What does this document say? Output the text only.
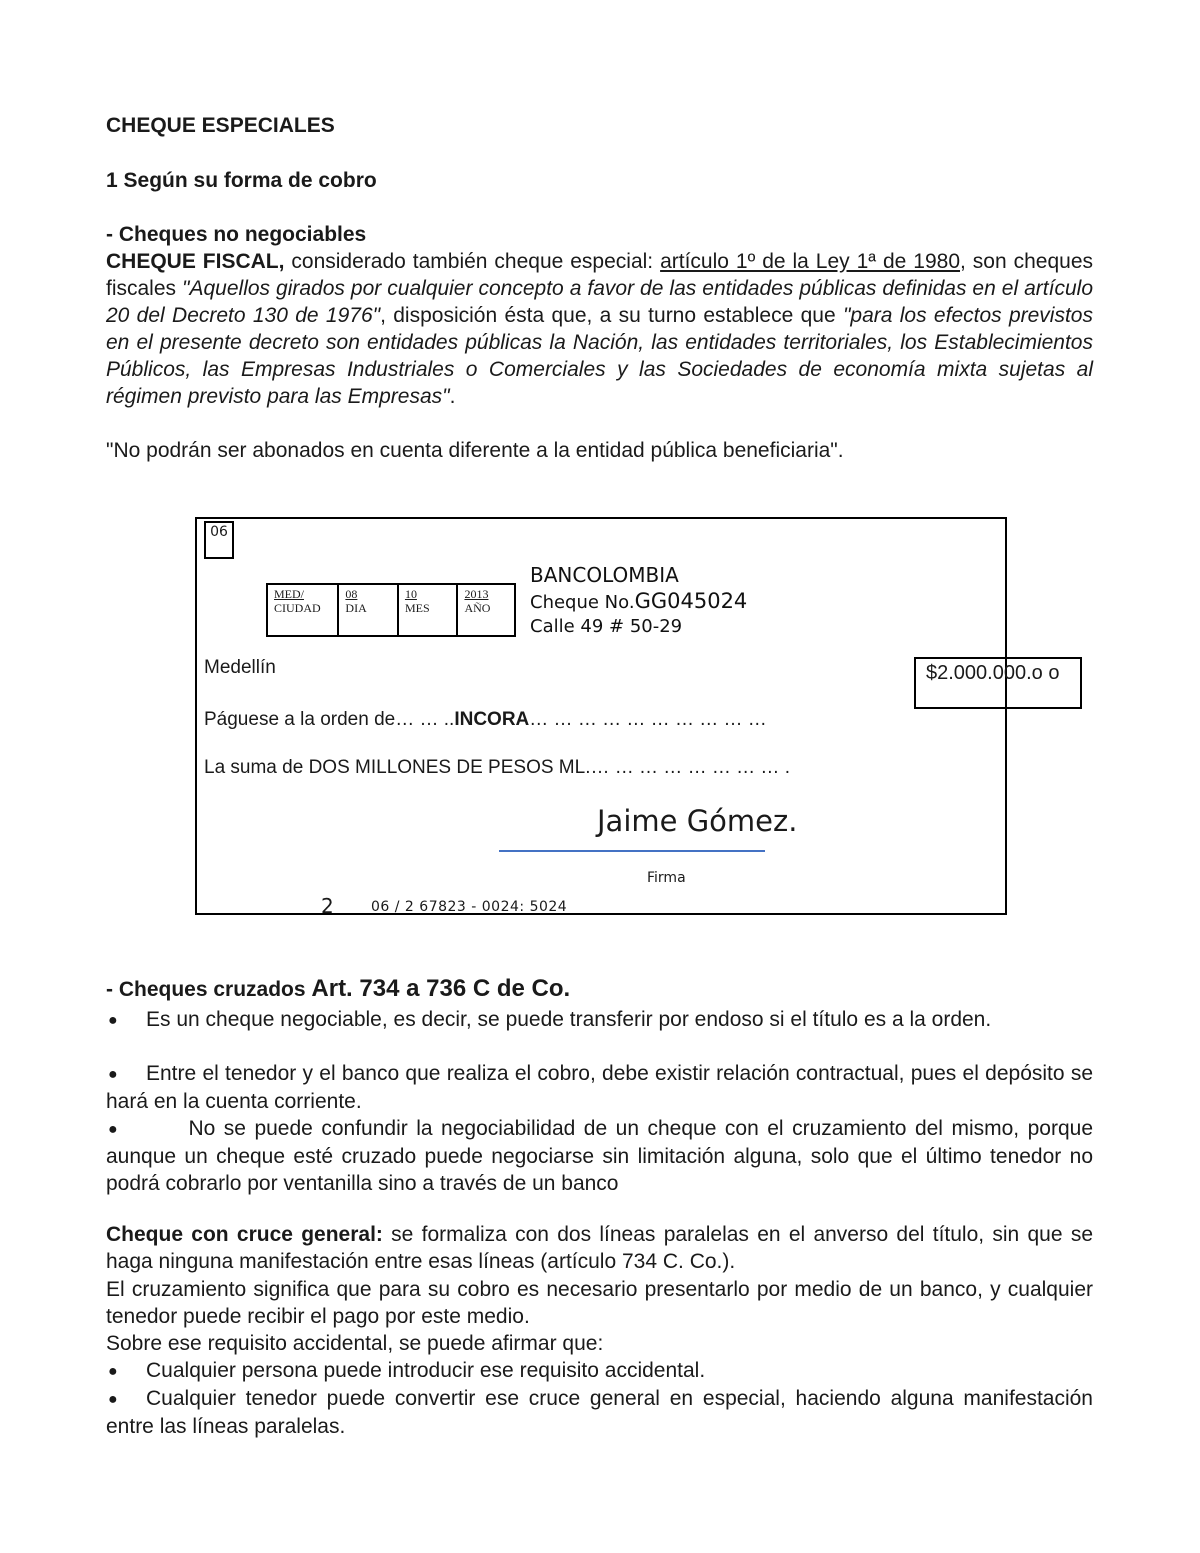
CHEQUE ESPECIALES

1 Según su forma de cobro

- Cheques no negociables

CHEQUE FISCAL, considerado también cheque especial: artículo 1º de la Ley 1ª de 1980, son cheques fiscales "Aquellos girados por cualquier concepto a favor de las entidades públicas definidas en el artículo 20 del Decreto 130 de 1976", disposición ésta que, a su turno establece que "para los efectos previstos en el presente decreto son entidades públicas la Nación, las entidades territoriales, los Establecimientos Públicos, las Empresas Industriales o Comerciales y las Sociedades de economía mixta sujetas al régimen previsto para las Empresas".

"No podrán ser abonados en cuenta diferente a la entidad pública beneficiaria".

06
MED/
CIUDAD
08
DIA
10
MES
2013
AÑO
BANCOLOMBIA
Cheque No.GG045024
Calle 49 # 50-29
Medellín	$2.000.000.o o
Páguese a la orden de… … ..INCORA… … … … … … … … … …
La suma de DOS MILLONES DE PESOS ML.… … … … … … … … .
Jaime Gómez.
Firma
2	06 / 2 67823 - 0024: 5024

- Cheques cruzados Art. 734 a 736 C de Co.

● Es un cheque negociable, es decir, se puede transferir por endoso si el título es a la orden.

● Entre el tenedor y el banco que realiza el cobro, debe existir relación contractual, pues el depósito se hará en la cuenta corriente.

●     No se puede confundir la negociabilidad de un cheque con el cruzamiento del mismo, porque aunque un cheque esté cruzado puede negociarse sin limitación alguna, solo que el último tenedor no podrá cobrarlo por ventanilla sino a través de un banco

Cheque con cruce general: se formaliza con dos líneas paralelas en el anverso del título, sin que se haga ninguna manifestación entre esas líneas (artículo 734 C. Co.).

El cruzamiento significa que para su cobro es necesario presentarlo por medio de un banco, y cualquier tenedor puede recibir el pago por este medio.

Sobre ese requisito accidental, se puede afirmar que:

● Cualquier persona puede introducir ese requisito accidental.

● Cualquier tenedor puede convertir ese cruce general en especial, haciendo alguna manifestación entre las líneas paralelas.
